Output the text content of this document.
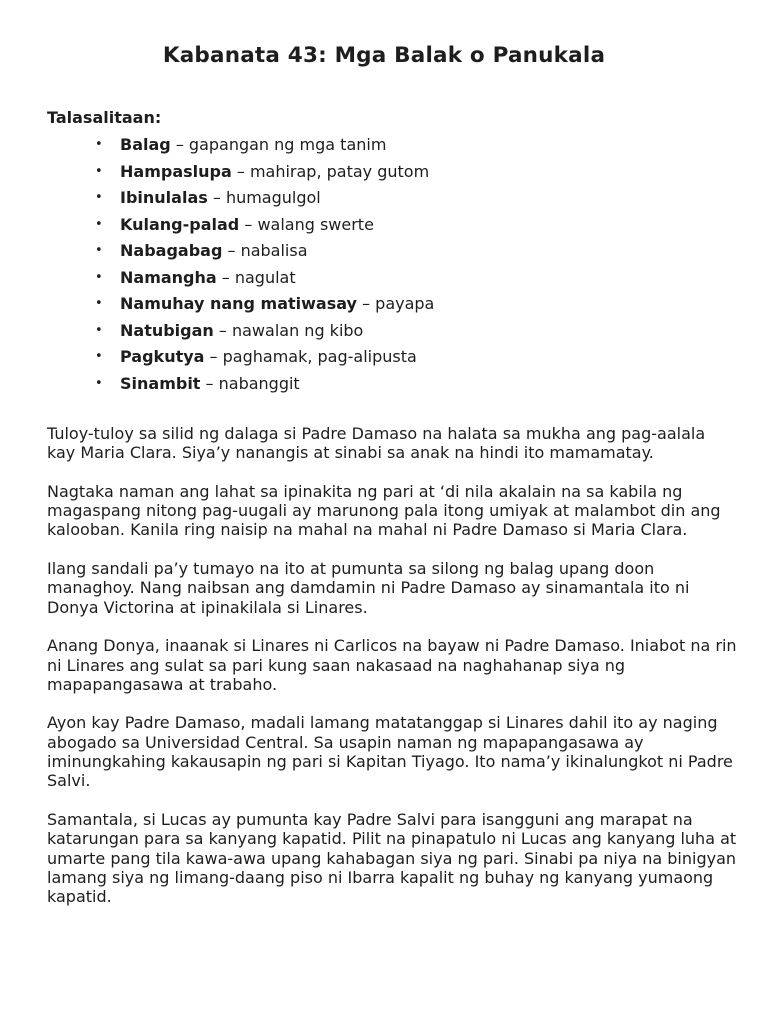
Kabanata 43: Mga Balak o Panukala
Talasalitaan:
• Balag – gapangan ng mga tanim
• Hampaslupa – mahirap, patay gutom
• Ibinulalas – humagulgol
• Kulang-palad – walang swerte
• Nabagabag – nabalisa
• Namangha – nagulat
• Namuhay nang matiwasay – payapa
• Natubigan – nawalan ng kibo
• Pagkutya – paghamak, pag-alipusta
• Sinambit – nabanggit

Tuloy-tuloy sa silid ng dalaga si Padre Damaso na halata sa mukha ang pag-aalala kay Maria Clara. Siya’y nanangis at sinabi sa anak na hindi ito mamamatay.

Nagtaka naman ang lahat sa ipinakita ng pari at ‘di nila akalain na sa kabila ng magaspang nitong pag-uugali ay marunong pala itong umiyak at malambot din ang kalooban. Kanila ring naisip na mahal na mahal ni Padre Damaso si Maria Clara.

Ilang sandali pa’y tumayo na ito at pumunta sa silong ng balag upang doon managhoy. Nang naibsan ang damdamin ni Padre Damaso ay sinamantala ito ni Donya Victorina at ipinakilala si Linares.

Anang Donya, inaanak si Linares ni Carlicos na bayaw ni Padre Damaso. Iniabot na rin ni Linares ang sulat sa pari kung saan nakasaad na naghahanap siya ng mapapangasawa at trabaho.

Ayon kay Padre Damaso, madali lamang matatanggap si Linares dahil ito ay naging abogado sa Universidad Central. Sa usapin naman ng mapapangasawa ay iminungkahing kakausapin ng pari si Kapitan Tiyago. Ito nama’y ikinalungkot ni Padre Salvi.

Samantala, si Lucas ay pumunta kay Padre Salvi para isangguni ang marapat na katarungan para sa kanyang kapatid. Pilit na pinapatulo ni Lucas ang kanyang luha at umarte pang tila kawa-awa upang kahabagan siya ng pari. Sinabi pa niya na binigyan lamang siya ng limang-daang piso ni Ibarra kapalit ng buhay ng kanyang yumaong kapatid.
